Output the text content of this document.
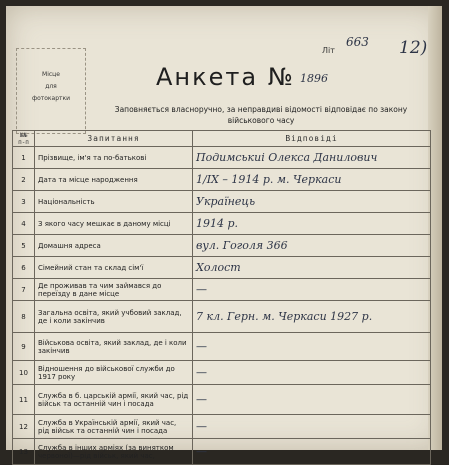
Місце
для
фотокартки
Літ
663 12)
Анкета № 1896
Заповняється власноручно, за неправдиві відомості відповідає по закону військового часу
№№ п-п	Запитання	Відповіді
1	Прізвище, ім'я та по-батькові	Подимськиі Олекса Данилович
2	Дата та місце народження	1/ІХ – 1914 р. м. Черкаси
3	Національність	Українець
4	З якого часу мешкає в даному місці	1914 р.
5	Домашня адреса	вул. Гоголя 366
6	Сімейний стан та склад сім'ї	Холост
7	Де проживав та чим займався до переїзду в дане місце	—
8	Загальна освіта, який учбовий заклад, де і коли закінчив	7 кл. Герн. м. Черкаси 1927 р.
9	Військова освіта, який заклад, де і коли закінчив	—
10	Відношення до військової служби до 1917 року	—
11	Служба в б. царській армії, який час, рід військ та останній чин і посада	—
12	Служба в Українській армії, який час, рід військ та останній чин і посада	—
13	Служба в інших арміях (за винятком червоної)—рід військ, який час,	—
